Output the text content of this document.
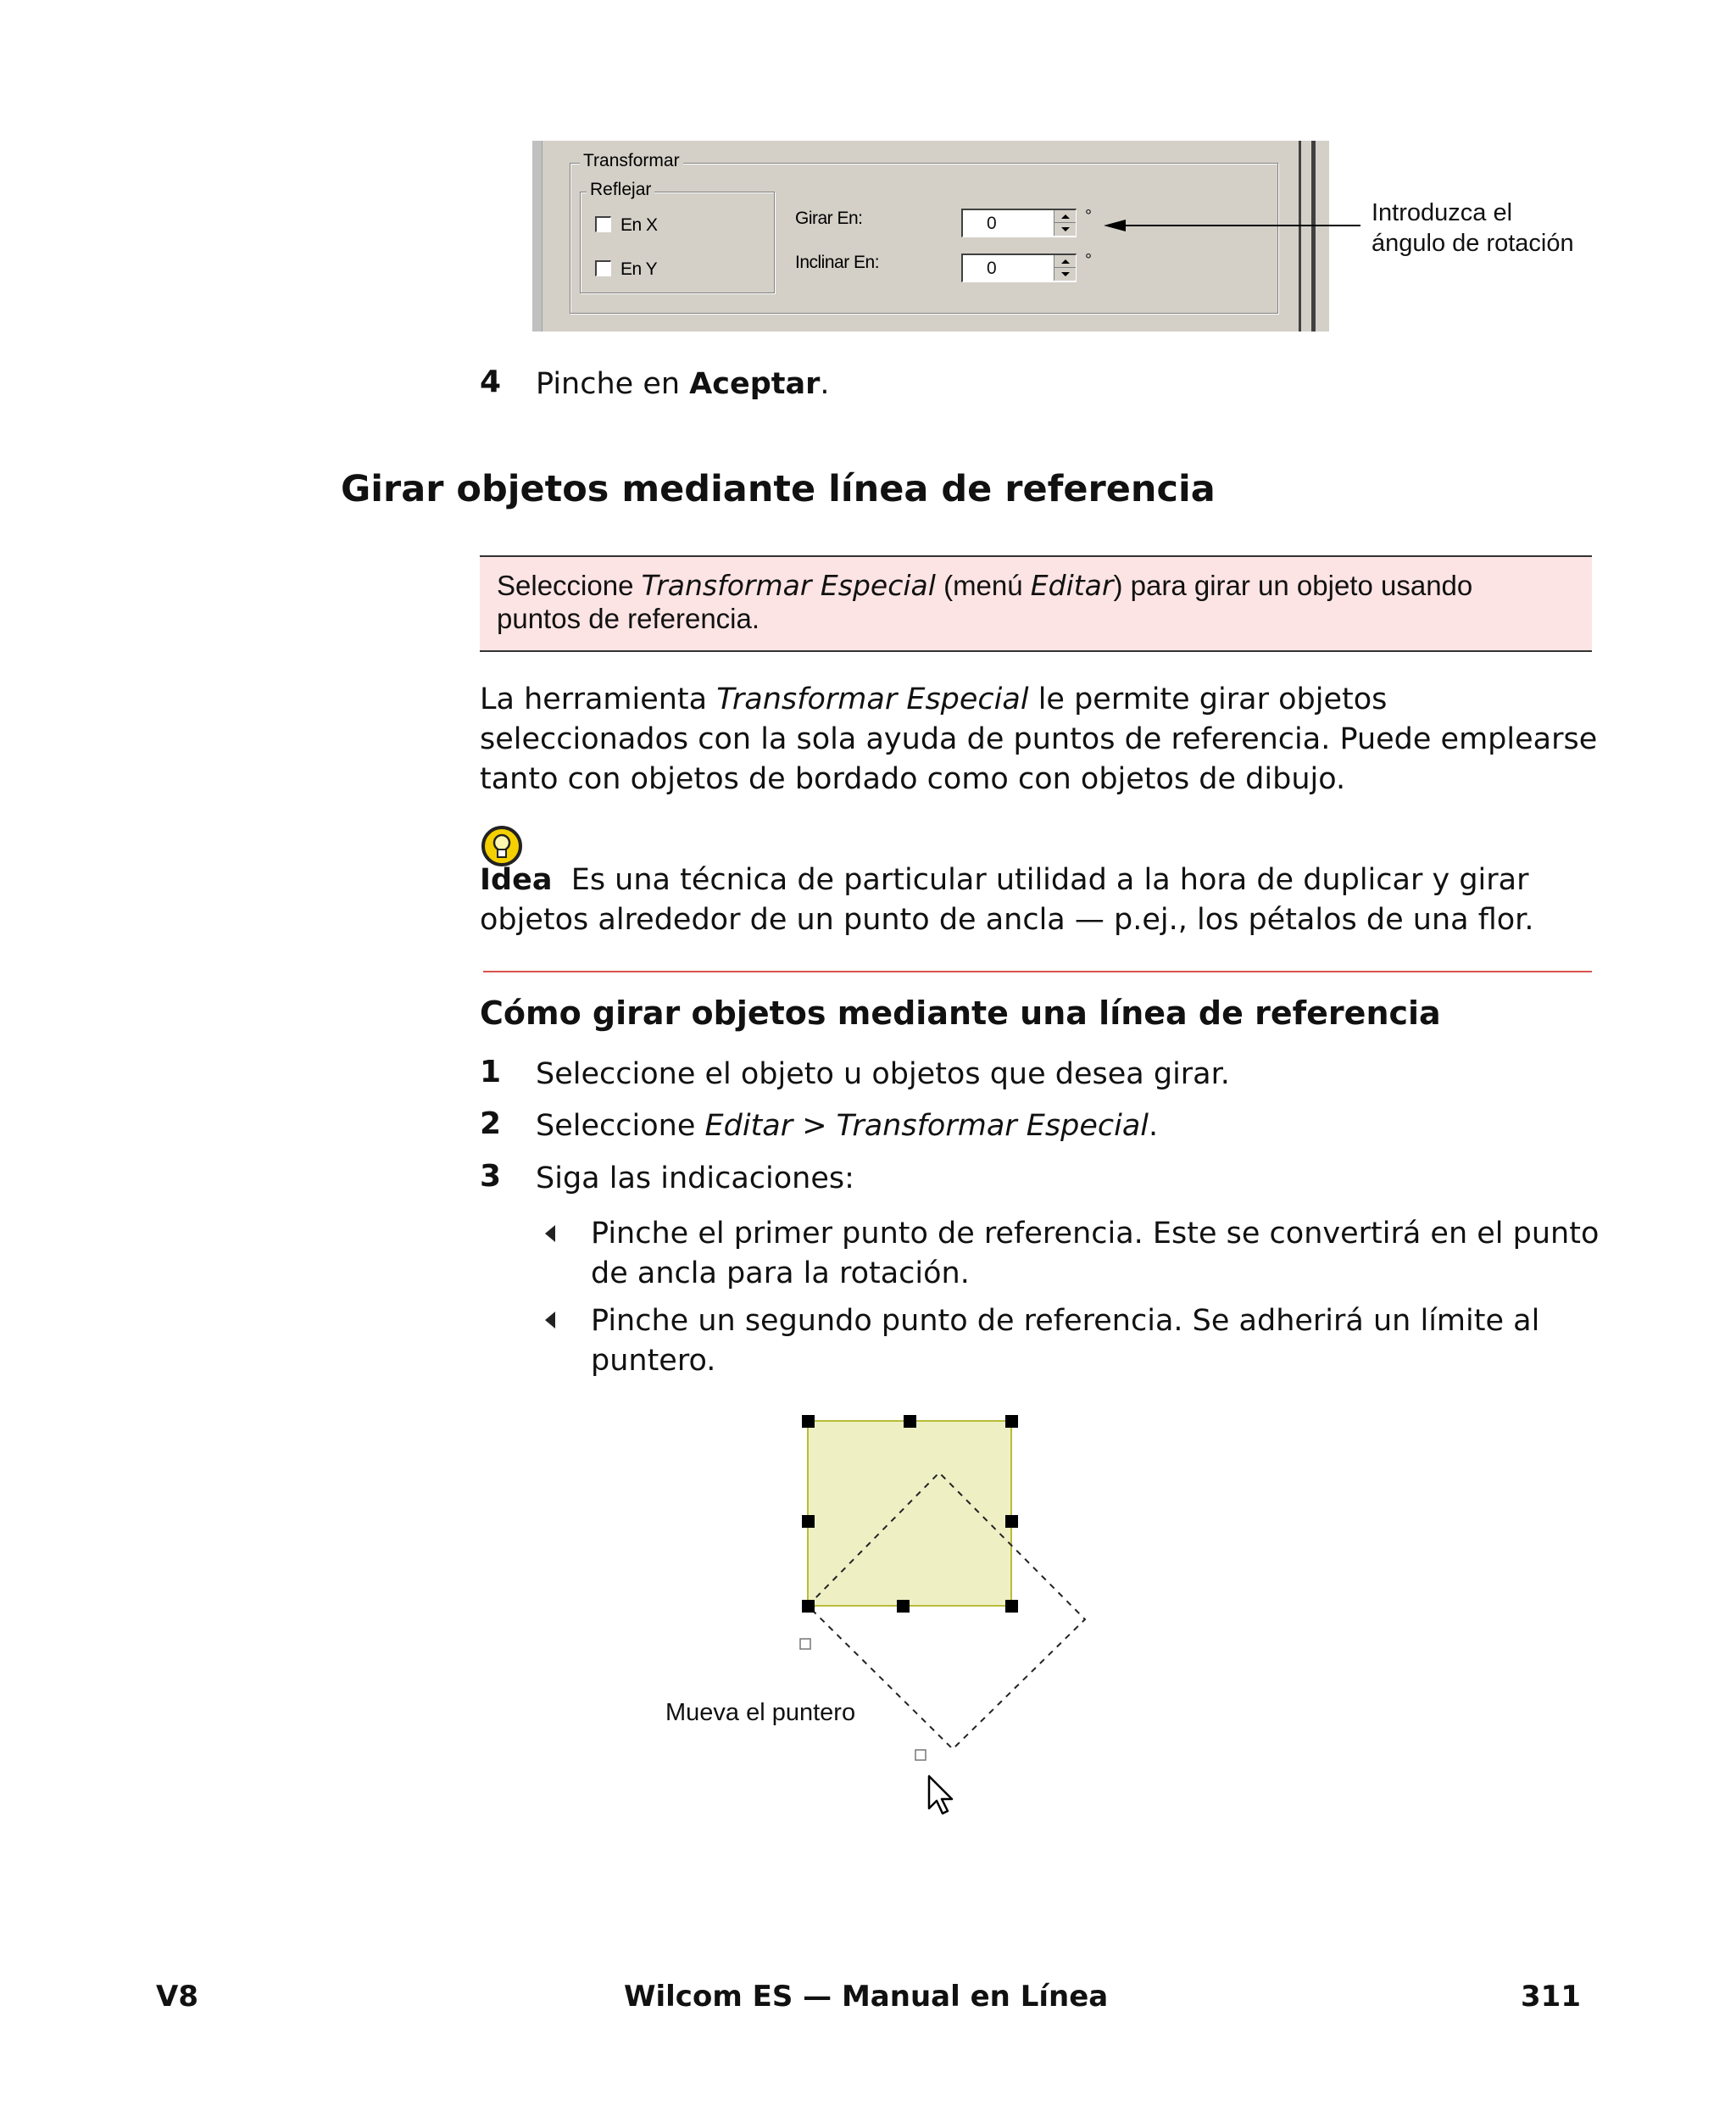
Transformar
Reflejar
En X
En Y
Girar En:	0	°
Inclinar En:	0	°
Introduzca el
ángulo de rotación
4 Pinche en Aceptar.
Girar objetos mediante línea de referencia

Seleccione Transformar Especial (menú Editar) para girar un objeto usando

puntos de referencia.

La herramienta Transformar Especial le permite girar objetos
seleccionados con la sola ayuda de puntos de referencia. Puede emplearse
tanto con objetos de bordado como con objetos de dibujo.
Idea Es una técnica de particular utilidad a la hora de duplicar y girar
objetos alrededor de un punto de ancla — p.ej., los pétalos de una flor.
Cómo girar objetos mediante una línea de referencia
1 Seleccione el objeto u objetos que desea girar.
2 Seleccione Editar > Transformar Especial.
3 Siga las indicaciones:
Pinche el primer punto de referencia. Este se convertirá en el punto
de ancla para la rotación.
Pinche un segundo punto de referencia. Se adherirá un límite al
puntero.
Mueva el puntero
V8	Wilcom ES — Manual en Línea	311
